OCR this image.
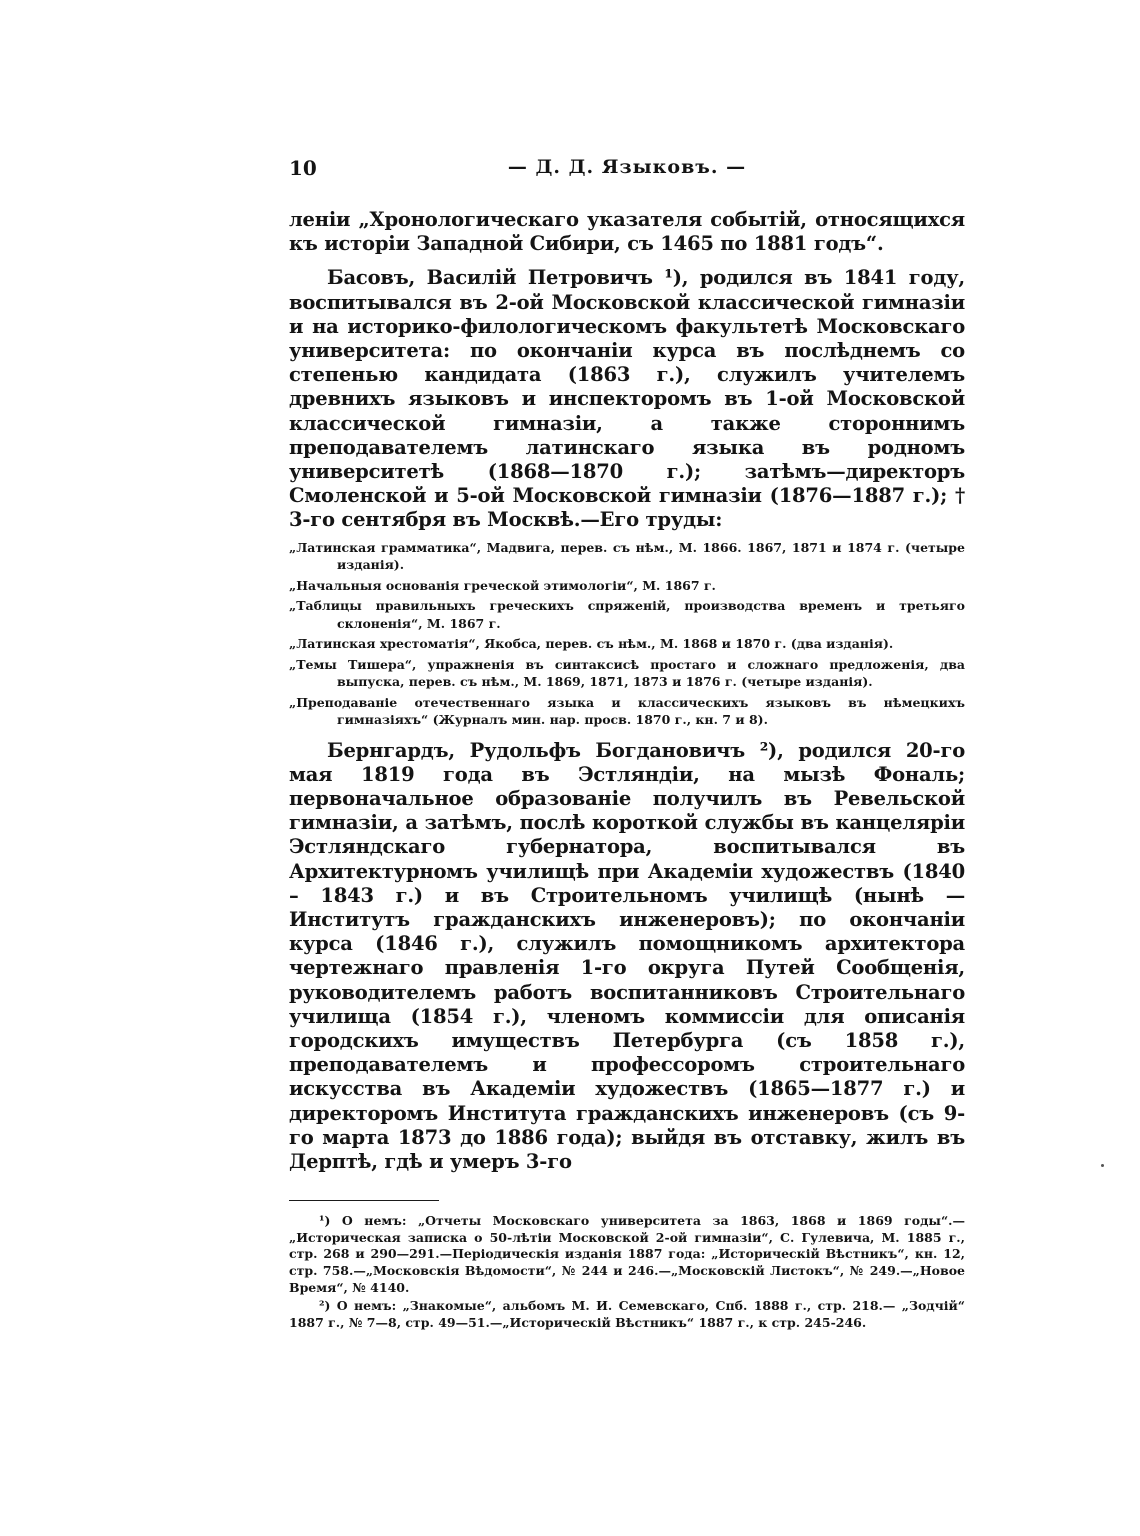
10	— Д. Д. Языковъ. —

леніи „Хронологическаго указателя событій, относящихся къ исторіи Западной Сибири, съ 1465 по 1881 годъ“.

Басовъ, Василій Петровичъ ¹), родился въ 1841 году, воспитывался въ 2-ой Московской классической гимназіи и на историко-филологическомъ факультетѣ Московскаго университета: по окончаніи курса въ послѣднемъ со степенью кандидата (1863 г.), служилъ учителемъ древнихъ языковъ и инспекторомъ въ 1-ой Московской классической гимназіи, а также стороннимъ преподавателемъ латинскаго языка въ родномъ университетѣ (1868—1870 г.); затѣмъ—директоръ Смоленской и 5-ой Московской гимназіи (1876—1887 г.); † 3-го сентября въ Москвѣ.—Его труды:

„Латинская грамматика“, Мадвига, перев. съ нѣм., М. 1866. 1867, 1871 и 1874 г. (четыре изданія).
„Начальныя основанія греческой этимологіи“, М. 1867 г.
„Таблицы правильныхъ греческихъ спряженій, производства временъ и третьяго склоненія“, М. 1867 г.
„Латинская хрестоматія“, Якобса, перев. съ нѣм., М. 1868 и 1870 г. (два изданія).
„Темы Тишера“, упражненія въ синтаксисѣ простаго и сложнаго предложенія, два выпуска, перев. съ нѣм., М. 1869, 1871, 1873 и 1876 г. (четыре изданія).
„Преподаваніе отечественнаго языка и классическихъ языковъ въ нѣмецкихъ гимназіяхъ“ (Журналъ мин. нар. просв. 1870 г., кн. 7 и 8).

Бернгардъ, Рудольфъ Богдановичъ ²), родился 20-го мая 1819 года въ Эстляндіи, на мызѣ Фональ; первоначальное образованіе получилъ въ Ревельской гимназіи, а затѣмъ, послѣ короткой службы въ канцеляріи Эстляндскаго губернатора, воспитывался въ Архитектурномъ училищѣ при Академіи художествъ (1840 – 1843 г.) и въ Строительномъ училищѣ (нынѣ — Институтъ гражданскихъ инженеровъ); по окончаніи курса (1846 г.), служилъ помощникомъ архитектора чертежнаго правленія 1-го округа Путей Сообщенія, руководителемъ работъ воспитанниковъ Строительнаго училища (1854 г.), членомъ коммиссіи для описанія городскихъ имуществъ Петербурга (съ 1858 г.), преподавателемъ и профессоромъ строительнаго искусства въ Академіи художествъ (1865—1877 г.) и директоромъ Института гражданскихъ инженеровъ (съ 9-го марта 1873 до 1886 года); выйдя въ отставку, жилъ въ Дерптѣ, гдѣ и умеръ 3-го

¹) О немъ: „Отчеты Московскаго университета за 1863, 1868 и 1869 годы“.— „Историческая записка о 50-лѣтіи Московской 2-ой гимназіи“, С. Гулевича, М. 1885 г., стр. 268 и 290—291.—Періодическія изданія 1887 года: „Историческій Вѣстникъ“, кн. 12, стр. 758.—„Московскія Вѣдомости“, № 244 и 246.—„Московскій Листокъ“, № 249.—„Новое Время“, № 4140.

²) О немъ: „Знакомые“, альбомъ М. И. Семевскаго, Спб. 1888 г., стр. 218.— „Зодчій“ 1887 г., № 7—8, стр. 49—51.—„Историческій Вѣстникъ“ 1887 г., к стр. 245-246.
